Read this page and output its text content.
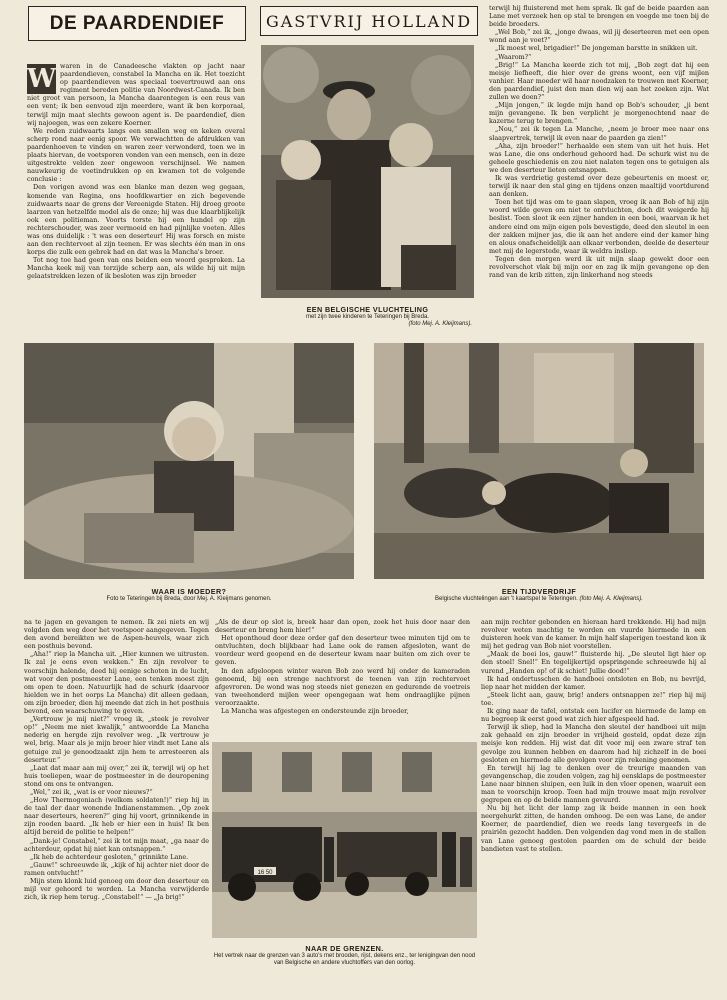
DE PAARDENDIEF	GASTVRIJ HOLLAND
W waren in de Canadeesche vlakten op jacht naar paardendieven, constabel la Mancha en ik. Het toezicht op paardendieven was speciaal toevertrouwd aan ons regiment bereden politie van Noordwest-Canada. Ik ben niet groot van persoon, la Mancha daarentegen is een reus van een vent; ik ben eenvoud zijn meerdere, want ik ben korporaal, terwijl mijn maat slechts gewoon agent is. De paardendief, dien wij najoegen, was een zekere Koerner.

We reden zuidwaarts langs een smallen weg en keken overal scherp rond naar eenig spoor. We verwachtten de afdrukken van paardenhoeven te vinden en waren zeer verwonderd, toen we in plaats hiervan, de voetsporen vonden van een mensch, een in deze uitgestrekte velden zeer ongewoon verschijnsel. We namen nauwkeurig de voetindrukken op en kwamen tot de volgende conclusie :

Den vorigen avond was een blanke man dezen weg gegaan, komende van Regina, ons hoofdkwartier en zich begevende zuidwaarts naar de grens der Vereenigde Staten. Hij droeg groote laarzen van hetzelfde model als de onze; hij was due klaarblijkelijk ook een politieman. Voorts torste hij een hundel op zijn rechterschouder, was zeer vermoeid en had pijnlijke voeten. Alles was ons duidelijk : 't was een deserteur! Hij was forsch en miste aan den rechtervoet al zijn teenen. Er was slechts één man in ons korps die zulk een gebrek had en dat was la Mancha's broer.

Tot nog toe had geen van ons beiden een woord gesproken. La Mancha keek mij van terzijde scherp aan, als wilde hij uit mijn gelaatstrekken lezen of ik besloten was zijn broeder

EEN BELGISCHE VLUCHTELING
met zijn twee kinderen te Teteringen bij Breda.
(foto Mej. A. Kleijmans).

terwijl hij fluisterend met hem sprak. Ik gaf de beide paarden aan Lane met verzoek hen op stal te brengen en voegde me toen bij de beide broeders.

„Wel Bob,“ zei ik, „jonge dwaas, wil jij deserteeren met een open wond aan je voet?“

„Ik moest wel, brigadier!“ De jongeman barstte in snikken uit.

„Waarom?“

„Brig!“ La Mancha keerde zich tot mij, „Bob zegt dat hij een meisje liefheeft, die hier over de grens woont, een vijf mijlen vanhier. Haar moeder wil haar noodzaken te trouwen met Koerner, den paardendief, juist den man dien wij aan het zoeken zijn. Wat zullen we doen?“

„Mijn jongen,“ ik legde mijn hand op Bob's schouder, „ji bent mijn gevangene. Ik ben verplicht je morgenochtend naar de kazerne terug te brengen.“

„Nou,“ zei ik tegen La Manche, „neem je broer mee naar ons slaapvertrek, terwijl ik even naar de paarden ga zien!“

„Aha, zijn broeder!“ herhaalde een stem van uit het huis. Het was Lane, die ons onderhoud gehoord had. De schurk wist nu de geheele geschiedenis en zou niet nalaten tegen ons te getuigen als we den deserteur lieten ontsnappen.

Ik was verdrietig gestemd over deze gebeurtenis en moest er, terwijl ik naar den stal ging en tijdens onzen maaltijd voortdurend aan denken.

Toen het tijd was om te gaan slapen, vroeg ik aan Bob of hij zijn woord wilde geven om niet te ontvluchten, doch dit weigerde hij beslist. Toen sloot ik een zijner handen in een boei, waarvan ik het andere eind om mijn eigen pols bevestigde, deed den sleutel in een der zakken mijner jas, die ik aan het andere eind der kamer hing en alous onafscheidelijk aan elkaar verbonden, deelde de deserteur met mij de legerstede, waar ik weldra insliep.

Tegen den morgen werd ik uit mijn slaap gewekt door een revolverschot vlak bij mijn oor en zag ik mijn gevangene op den rand van de krib zitten, zijn linkerhand nog steeds

WAAR IS MOEDER?
Foto te Teteringen bij Breda, door Mej. A. Kleijmans genomen.
EEN TIJDVERDRIJF
Belgische vluchtelingen aan 't kaartspel te Teteringen. (foto Mej. A. Kleijmans).

na te jagen en gevangen te nemen. Ik zei niets en wij volgden den weg door het voetspoor aangegeven. Tegen den avond bereikten we de Aspen-heuvels, waar zich een posthuis bevond.

„Aha!“ riep la Mancha uit. „Hier kunnen we uitrusten. Ik zal je eens even wekken.“ En zijn revolver te voorschijn halende, deed hij eenige schoten in de lucht, wat voor den postmeester Lane, een tenken moest zijn om open te doen. Natuurlijk had de schurk (daarvoor hielden we in het oorps La Mancha) dit alleen gedaan, om zijn broeder, dien hij meende dat zich in het posthuis bevond, een waarschuwing te geven.

„Vertrouw je mij niet?“ vroeg ik, „steek je revolver op!“ „Neem me niet kwalijk,“ antwoordde La Mancha nederig en hergde zijn revolver weg. „Ik vertrouw je wel, brig. Maar als je mijn broer hier vindt met Lane als getuige zul je genoodzaakt zijn hem te arresteeren als deserteur.“

„Laat dat maar aan mij over,“ zei ik, terwijl wij op het huis toeliepen, waar de postmeester in de deuropening stond om ons te ontvangen.

„Wel,“ zei ik, „wat is er voor nieuws?“

„How Thermogoniach (welkom soldaten!)“ riep hij in de taal der daar wonende Indianenstammen. „Op zoek naar deserteurs, heeren?“ ging hij voort, grinnikende in zijn rooden baard. „Ik heb er hier een in huis! Ik ben altijd bereid de politie te helpen!“

„Dank-je! Constabel,“ zei ik tot mijn maat, „ga naar de achterdeur, opdat hij niet kan ontsnappen.“

„Ik heb de achterdeur gesloten,“ grinnikte Lane.

„Gauw!“ schreeuwde ik, „kijk of hij achter niet door de ramen ontvlucht!“

Mijn stem klonk luid genoeg om door den deserteur en mijl ver gehoord te worden. La Mancha verwijderde zich, ik riep hem terug. „Constabel!“ — „Ja brig!“

„Als de deur op slot is, breek haar dan open, zoek het huis door naar den deserteur en breng hem hier!“

Het oponthoud door deze order gaf den deserteur twee minuten tijd om te ontvluchten, doch blijkbaar had Lane ook de ramen afgesloten, want de voordeur werd geopend en de deserteur kwam naar buiten om zich over te geven.

In den afgeloopen winter waren Bob zoo werd hij onder de kameraden genoemd, bij een strenge nachtvorst de teenen van zijn rechtervoet afgevroren. De wond was nog steeds niet genezen en gedurende de voetreis van tweehonderd mijlen weer opengegaan wat hem ondraaglijke pijnen veroorzaakte.

La Mancha was afgestegen en ondersteunde zijn broeder,

16 50
NAAR DE GRENZEN.
Het vertrek naar de grenzen van 3 auto's met brooden, rijst, dekens enz., ter lenigingvan den nood van Belgische en andere vluchtoffers van den oorlog.

aan mijn rechter gebonden en hieraan hard trekkende. Hij had mijn revolver weten machtig te worden en vuurde hiermede in een duisteren hoek van de kamer. In mijn half slaperigen toestand kon ik mij het gedrag van Bob niet voorstellen.

„Maak de boei los, gauw!“ fluisterde hij. „De sleutel ligt hier op den stoel! Snel!“ En tegelijkertijd opspringende schreeuwde hij al vurend „Handen op! of ik schiet! Jullie dood!“

Ik had ondertusschen de handboei ontsloten en Bob, nu bevrijd, liep naar het midden der kamer.

„Steek licht aan, gauw, brig! anders ontsnappen ze!“ riep hij mij toe.

Ik ging naar de tafel, ontstak een lucifer en hiermede de lamp en nu begreep ik eerst goed wat zich hier afgespeeld had.

Terwijl ik sliep, had la Mancha den sleutel der handboei uit mijn zak gehaald en zijn broeder in vrijheid gesteld, opdat deze zijn meisje kon redden. Hij wist dat dit voor mij een zware straf ten gevolge zou kunnen hebben en daarom had hij zichzelf in de boei gesloten en hiermede alle gevolgen voor zijn rekening genomen.

En terwijl hij lag te denken over de treurige maanden van gevangenschap, die zouden volgen, zag hij eensklaps de postmeester Lane naar binnen sluipen, een luik in den vloer openen, waaruit een man te voorschijn kroop. Toen had mijn trouwe maat mijn revolver gegrepen en op de beide mannen gevuurd.

Nu bij het licht der lamp zag ik beide mannen in een hoek neergehurkt zitten, de handen omhoog. De een was Lane, de ander Koerner, de paardendief, dien we reeds lang tevergeefs in de prairiën gezocht hadden. Den volgenden dag vond men in de stallen van Lane genoeg gestolen paarden om de schuld der beide bandieten vast te stellen.
